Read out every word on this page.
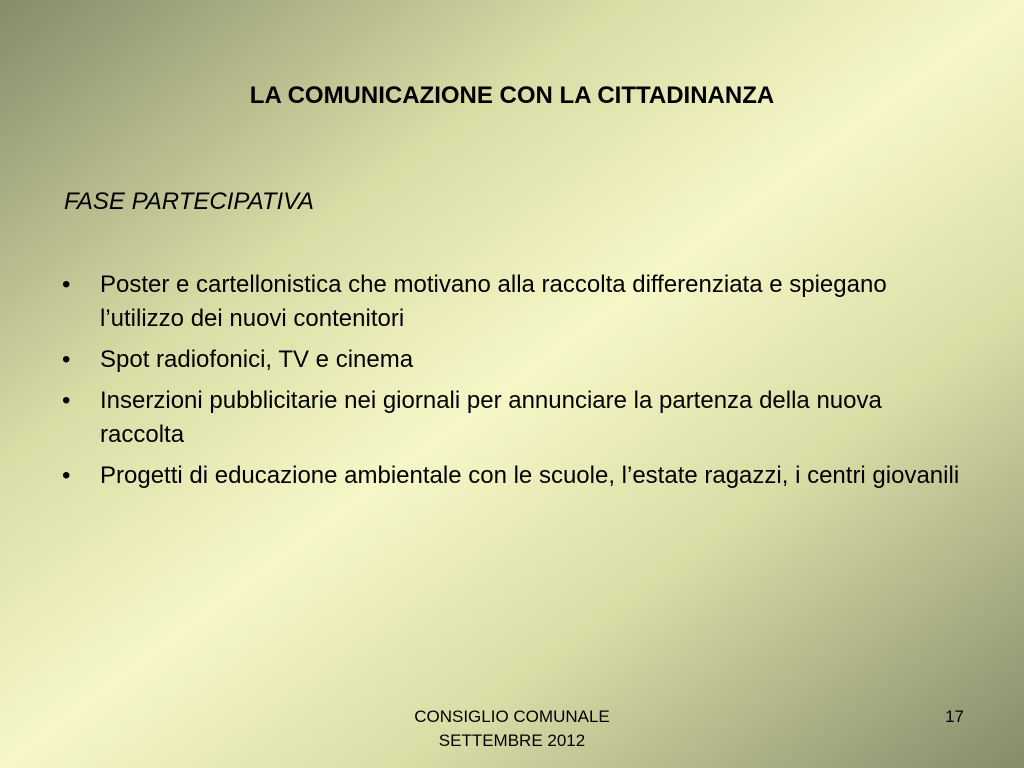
LA COMUNICAZIONE CON LA CITTADINANZA
FASE PARTECIPATIVA
• Poster e cartellonistica che motivano alla raccolta differenziata e spiegano l’utilizzo dei nuovi contenitori
• Spot radiofonici, TV e cinema
• Inserzioni pubblicitarie nei giornali per annunciare la partenza della nuova raccolta
• Progetti di educazione ambientale con le scuole, l’estate ragazzi, i centri giovanili
CONSIGLIO COMUNALE
SETTEMBRE 2012
17
